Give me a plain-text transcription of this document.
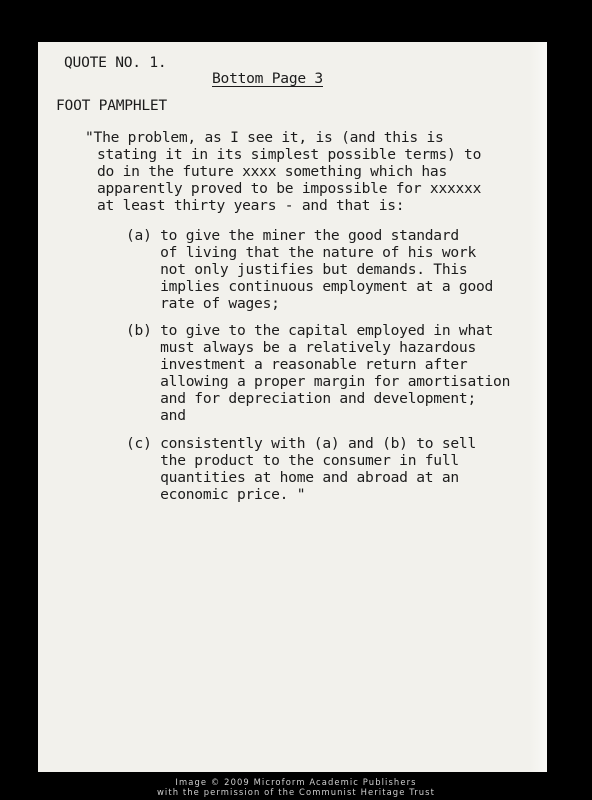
QUOTE NO. 1.
Bottom Page 3
FOOT PAMPHLET
"The problem, as I see it, is (and this is
stating it in its simplest possible terms) to
do in the future xxxx something which has
apparently proved to be impossible for xxxxxx
at least thirty years - and that is:
(a) to give the miner the good standard
of living that the nature of his work
not only justifies but demands. This
implies continuous employment at a good
rate of wages;
(b) to give to the capital employed in what
must always be a relatively hazardous
investment a reasonable return after
allowing a proper margin for amortisation
and for depreciation and development;
and
(c) consistently with (a) and (b) to sell
the product to the consumer in full
quantities at home and abroad at an
economic price. "
Image © 2009 Microform Academic Publishers
with the permission of the Communist Heritage Trust
